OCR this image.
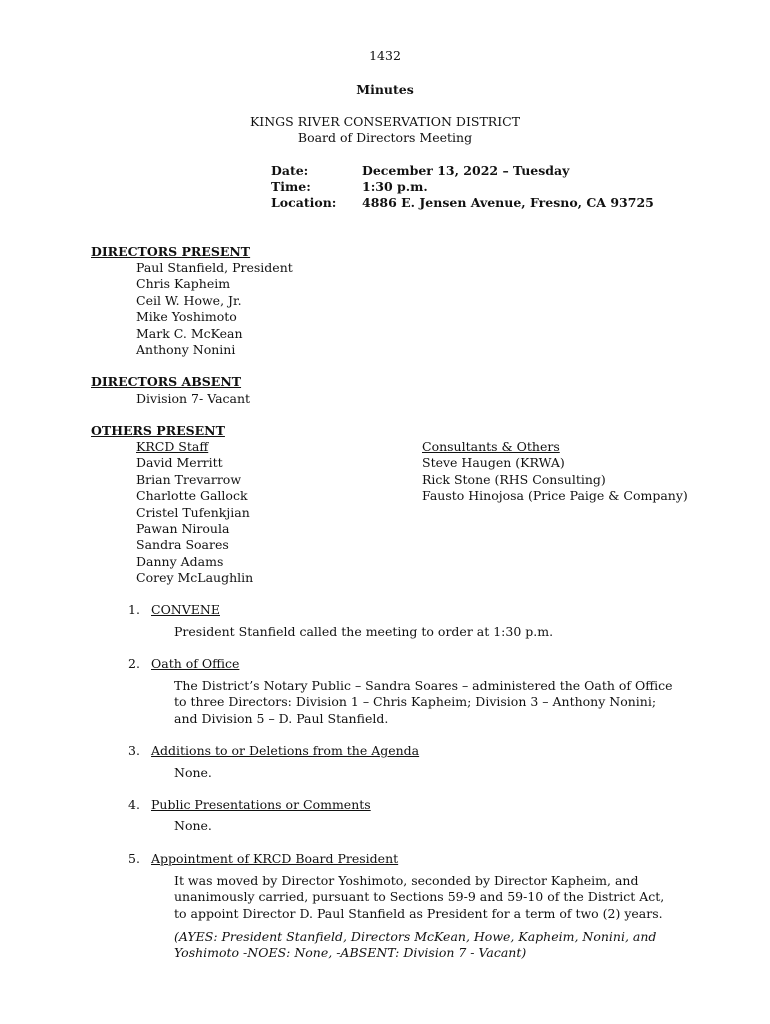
1432
Minutes
KINGS RIVER CONSERVATION DISTRICT
Board of Directors Meeting
Date:	December 13, 2022 – Tuesday
Time:	1:30 p.m.
Location: 4886 E. Jensen Avenue, Fresno, CA 93725
DIRECTORS PRESENT
Paul Stanfield, President
Chris Kapheim
Ceil W. Howe, Jr.
Mike Yoshimoto
Mark C. McKean
Anthony Nonini
DIRECTORS ABSENT
Division 7- Vacant
OTHERS PRESENT
KRCD Staff
David Merritt
Brian Trevarrow
Charlotte Gallock
Cristel Tufenkjian
Pawan Niroula
Sandra Soares
Danny Adams
Corey McLaughlin
Consultants & Others
Steve Haugen (KRWA)
Rick Stone (RHS Consulting)
Fausto Hinojosa (Price Paige & Company)
1. CONVENE
President Stanfield called the meeting to order at 1:30 p.m.
2. Oath of Office
The District’s Notary Public – Sandra Soares – administered the Oath of Office to three Directors: Division 1 – Chris Kapheim; Division 3 – Anthony Nonini; and Division 5 – D. Paul Stanfield.
3. Additions to or Deletions from the Agenda
None.
4. Public Presentations or Comments
None.
5. Appointment of KRCD Board President
It was moved by Director Yoshimoto, seconded by Director Kapheim, and unanimously carried, pursuant to Sections 59-9 and 59-10 of the District Act, to appoint Director D. Paul Stanfield as President for a term of two (2) years.
(AYES: President Stanfield, Directors McKean, Howe, Kapheim, Nonini, and Yoshimoto -NOES: None, -ABSENT: Division 7 - Vacant)
